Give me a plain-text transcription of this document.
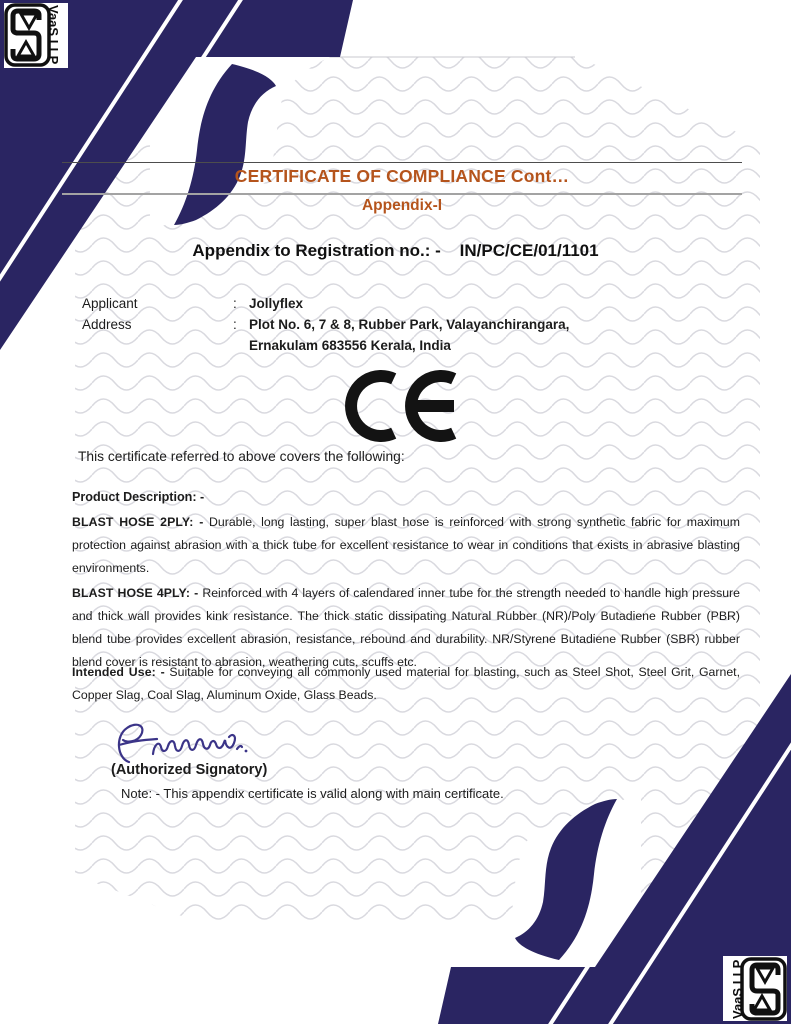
VaaS LLP
VaaS LLP
CERTIFICATE OF COMPLIANCE Cont…
Appendix-I
Appendix to Registration no.: -    IN/PC/CE/01/1101
Applicant	: Jollyflex
Address	: Plot No. 6, 7 & 8, Rubber Park, Valayanchirangara,
Ernakulam 683556 Kerala, India
This certificate referred to above covers the following:
Product Description: -
BLAST HOSE 2PLY: - Durable, long lasting, super blast hose is reinforced with strong synthetic fabric for maximum protection against abrasion with a thick tube for excellent resistance to wear in conditions that exists in abrasive blasting environments.
BLAST HOSE 4PLY: - Reinforced with 4 layers of calendared inner tube for the strength needed to handle high pressure and thick wall provides kink resistance. The thick static dissipating Natural Rubber (NR)/Poly Butadiene Rubber (PBR) blend tube provides excellent abrasion, resistance, rebound and durability. NR/Styrene Butadiene Rubber (SBR) rubber blend cover is resistant to abrasion, weathering cuts, scuffs etc.
Intended Use: - Suitable for conveying all commonly used material for blasting, such as Steel Shot, Steel Grit, Garnet, Copper Slag, Coal Slag, Aluminum Oxide, Glass Beads.
(Authorized Signatory)
Note: - This appendix certificate is valid along with main certificate.
